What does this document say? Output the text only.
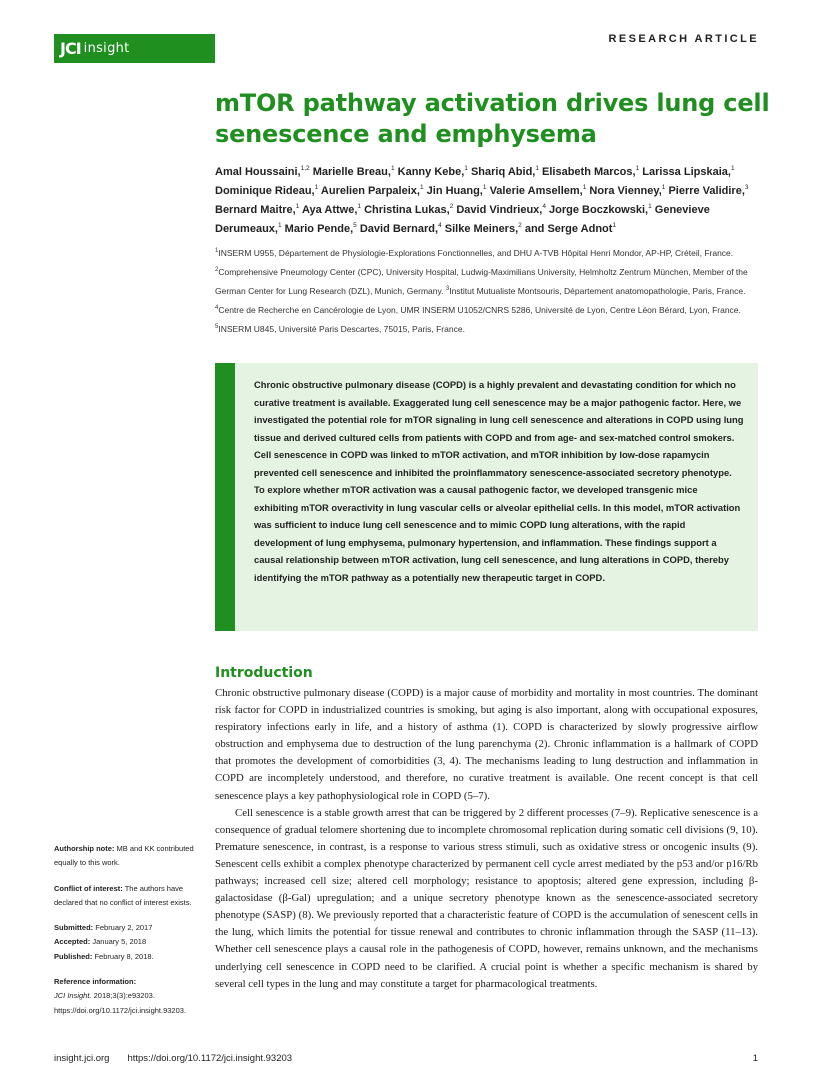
JCI insight
RESEARCH ARTICLE
mTOR pathway activation drives lung cell senescence and emphysema
Amal Houssaini,$^{1,2}$ Marielle Breau,$^1$ Kanny Kebe,$^1$ Shariq Abid,$^1$ Elisabeth Marcos,$^1$ Larissa Lipskaia,$^1$ Dominique Rideau,$^1$ Aurelien Parpaleix,$^1$ Jin Huang,$^1$ Valerie Amsellem,$^1$ Nora Vienney,$^1$ Pierre Validire,$^3$ Bernard Maitre,$^1$ Aya Attwe,$^1$ Christina Lukas,$^2$ David Vindrieux,$^4$ Jorge Boczkowski,$^1$ Genevieve Derumeaux,$^1$ Mario Pende,$^5$ David Bernard,$^4$ Silke Meiners,$^2$ and Serge Adnot$^1$
$^1$INSERM U955, Département de Physiologie-Explorations Fonctionnelles, and DHU A-TVB Hôpital Henri Mondor, AP-HP, Créteil, France. $^2$Comprehensive Pneumology Center (CPC), University Hospital, Ludwig-Maximilians University, Helmholtz Zentrum München, Member of the German Center for Lung Research (DZL), Munich, Germany. $^3$Institut Mutualiste Montsouris, Département anatomopathologie, Paris, France. $^4$Centre de Recherche en Cancérologie de Lyon, UMR INSERM U1052/CNRS 5286, Université de Lyon, Centre Léon Bérard, Lyon, France. $^5$INSERM U845, Université Paris Descartes, 75015, Paris, France.

Chronic obstructive pulmonary disease (COPD) is a highly prevalent and devastating condition for which no curative treatment is available. Exaggerated lung cell senescence may be a major pathogenic factor. Here, we investigated the potential role for mTOR signaling in lung cell senescence and alterations in COPD using lung tissue and derived cultured cells from patients with COPD and from age- and sex-matched control smokers. Cell senescence in COPD was linked to mTOR activation, and mTOR inhibition by low-dose rapamycin prevented cell senescence and inhibited the proinflammatory senescence-associated secretory phenotype. To explore whether mTOR activation was a causal pathogenic factor, we developed transgenic mice exhibiting mTOR overactivity in lung vascular cells or alveolar epithelial cells. In this model, mTOR activation was sufficient to induce lung cell senescence and to mimic COPD lung alterations, with the rapid development of lung emphysema, pulmonary hypertension, and inflammation. These findings support a causal relationship between mTOR activation, lung cell senescence, and lung alterations in COPD, thereby identifying the mTOR pathway as a potentially new therapeutic target in COPD.

Introduction

Chronic obstructive pulmonary disease (COPD) is a major cause of morbidity and mortality in most countries. The dominant risk factor for COPD in industrialized countries is smoking, but aging is also important, along with occupational exposures, respiratory infections early in life, and a history of asthma (1). COPD is characterized by slowly progressive airflow obstruction and emphysema due to destruction of the lung parenchyma (2). Chronic inflammation is a hallmark of COPD that promotes the development of comorbidities (3, 4). The mechanisms leading to lung destruction and inflammation in COPD are incompletely understood, and therefore, no curative treatment is available. One recent concept is that cell senescence plays a key pathophysiological role in COPD (5–7).

Cell senescence is a stable growth arrest that can be triggered by 2 different processes (7–9). Replicative senescence is a consequence of gradual telomere shortening due to incomplete chromosomal replication during somatic cell divisions (9, 10). Premature senescence, in contrast, is a response to various stress stimuli, such as oxidative stress or oncogenic insults (9). Senescent cells exhibit a complex phenotype characterized by permanent cell cycle arrest mediated by the p53 and/or p16/Rb pathways; increased cell size; altered cell morphology; resistance to apoptosis; altered gene expression, including β-galactosidase (β-Gal) upregulation; and a unique secretory phenotype known as the senescence-associated secretory phenotype (SASP) (8). We previously reported that a characteristic feature of COPD is the accumulation of senescent cells in the lung, which limits the potential for tissue renewal and contributes to chronic inflammation through the SASP (11–13). Whether cell senescence plays a causal role in the pathogenesis of COPD, however, remains unknown, and the mechanisms underlying cell senescence in COPD need to be clarified. A crucial point is whether a specific mechanism is shared by several cell types in the lung and may constitute a target for pharmacological treatments.

Authorship note: MB and KK contributed equally to this work.
Conflict of interest: The authors have declared that no conflict of interest exists.
Submitted: February 2, 2017
Accepted: January 5, 2018
Published: February 8, 2018.
Reference information:
JCI Insight. 2018;3(3):e93203. https://doi.org/10.1172/jci.insight.93203.
insight.jci.org https://doi.org/10.1172/jci.insight.93203	1
